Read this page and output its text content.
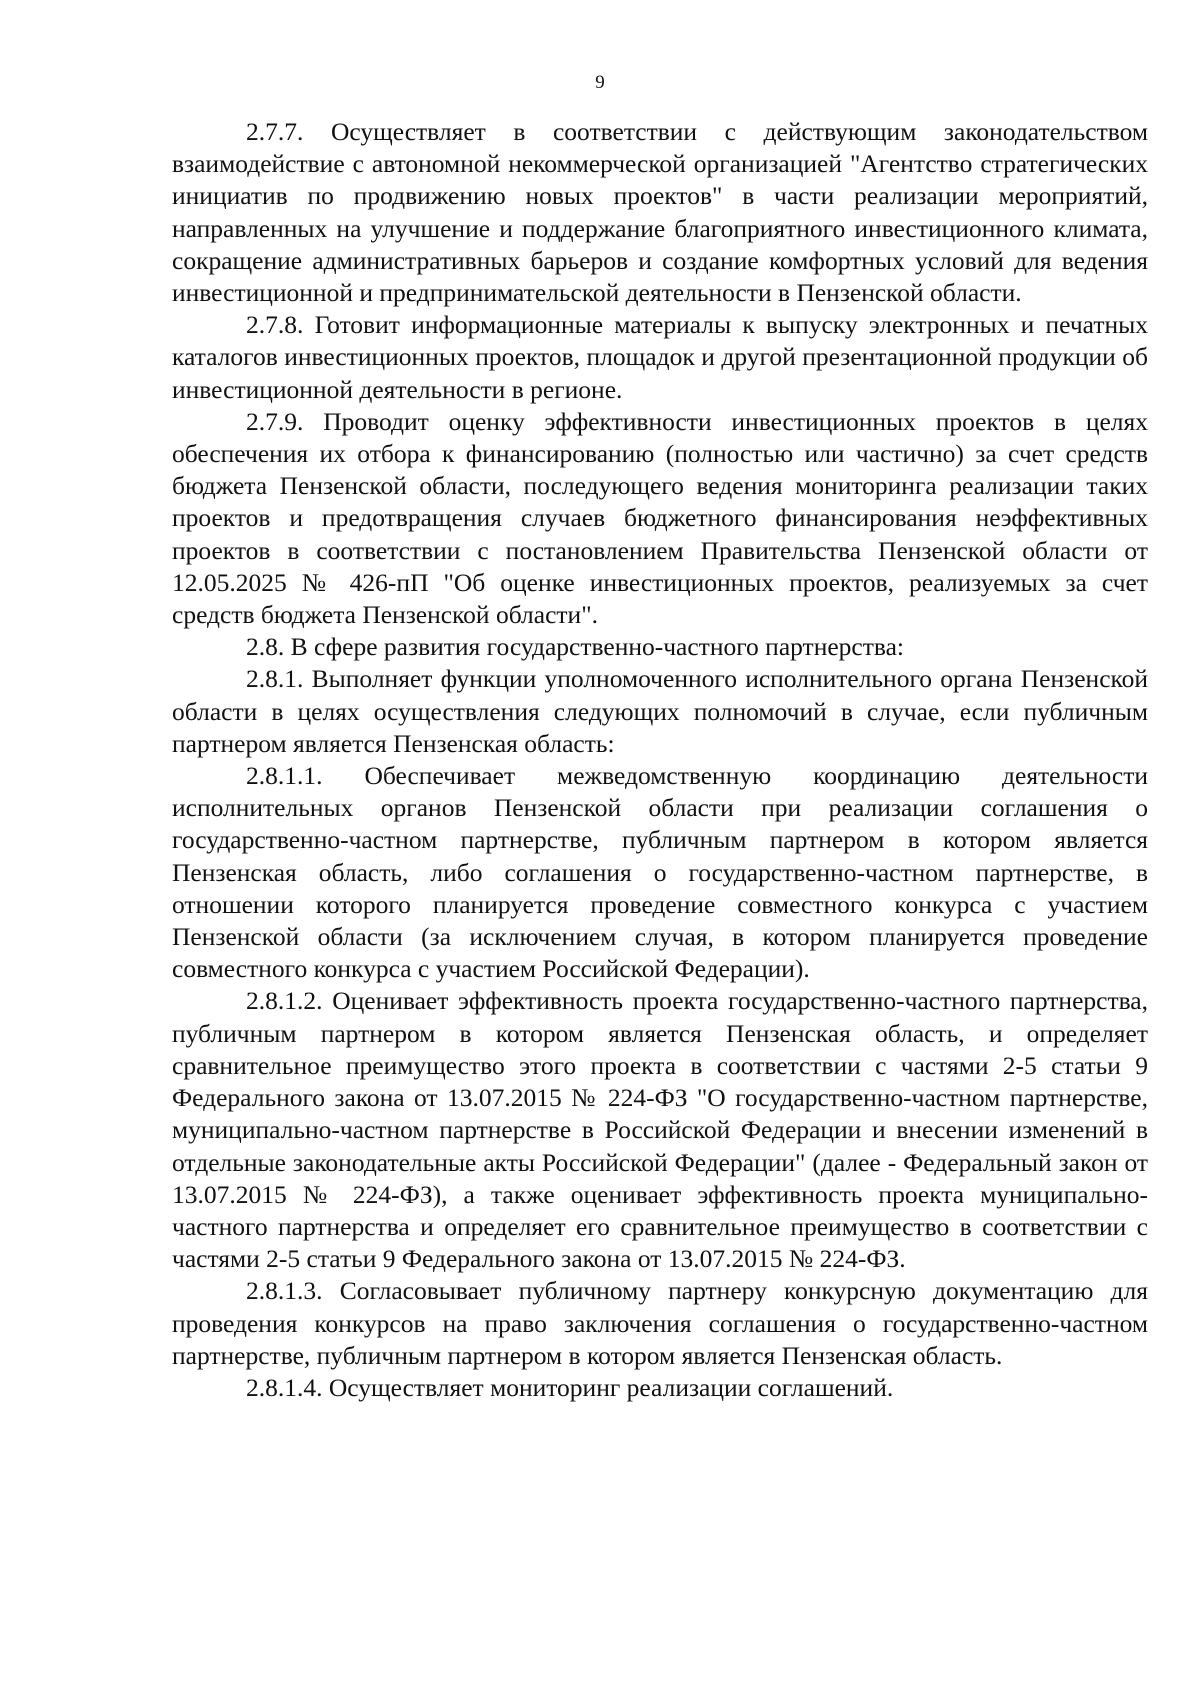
9

2.7.7. Осуществляет в соответствии с действующим законодательством взаимодействие с автономной некоммерческой организацией "Агентство стратегических инициатив по продвижению новых проектов" в части реализации мероприятий, направленных на улучшение и поддержание благоприятного инвестиционного климата, сокращение административных барьеров и создание комфортных условий для ведения инвестиционной и предпринимательской деятельности в Пензенской области.

2.7.8. Готовит информационные материалы к выпуску электронных и печатных каталогов инвестиционных проектов, площадок и другой презентационной продукции об инвестиционной деятельности в регионе.

2.7.9. Проводит оценку эффективности инвестиционных проектов в целях обеспечения их отбора к финансированию (полностью или частично) за счет средств бюджета Пензенской области, последующего ведения мониторинга реализации таких проектов и предотвращения случаев бюджетного финансирования неэффективных проектов в соответствии с постановлением Правительства Пензенской области от 12.05.2025 № 426-пП "Об оценке инвестиционных проектов, реализуемых за счет средств бюджета Пензенской области".

2.8. В сфере развития государственно-частного партнерства:

2.8.1. Выполняет функции уполномоченного исполнительного органа Пензенской области в целях осуществления следующих полномочий в случае, если публичным партнером является Пензенская область:

2.8.1.1. Обеспечивает межведомственную координацию деятельности исполнительных органов Пензенской области при реализации соглашения о государственно-частном партнерстве, публичным партнером в котором является Пензенская область, либо соглашения о государственно-частном партнерстве, в отношении которого планируется проведение совместного конкурса с участием Пензенской области (за исключением случая, в котором планируется проведение совместного конкурса с участием Российской Федерации).

2.8.1.2. Оценивает эффективность проекта государственно-частного партнерства, публичным партнером в котором является Пензенская область, и определяет сравнительное преимущество этого проекта в соответствии с частями 2-5 статьи 9 Федерального закона от 13.07.2015 № 224-ФЗ "О государственно-частном партнерстве, муниципально-частном партнерстве в Российской Федерации и внесении изменений в отдельные законодательные акты Российской Федерации" (далее - Федеральный закон от 13.07.2015 № 224-ФЗ), а также оценивает эффективность проекта муниципально-частного партнерства и определяет его сравнительное преимущество в соответствии с частями 2-5 статьи 9 Федерального закона от 13.07.2015 № 224-ФЗ.

2.8.1.3. Согласовывает публичному партнеру конкурсную документацию для проведения конкурсов на право заключения соглашения о государственно-частном партнерстве, публичным партнером в котором является Пензенская область.

2.8.1.4. Осуществляет мониторинг реализации соглашений.
